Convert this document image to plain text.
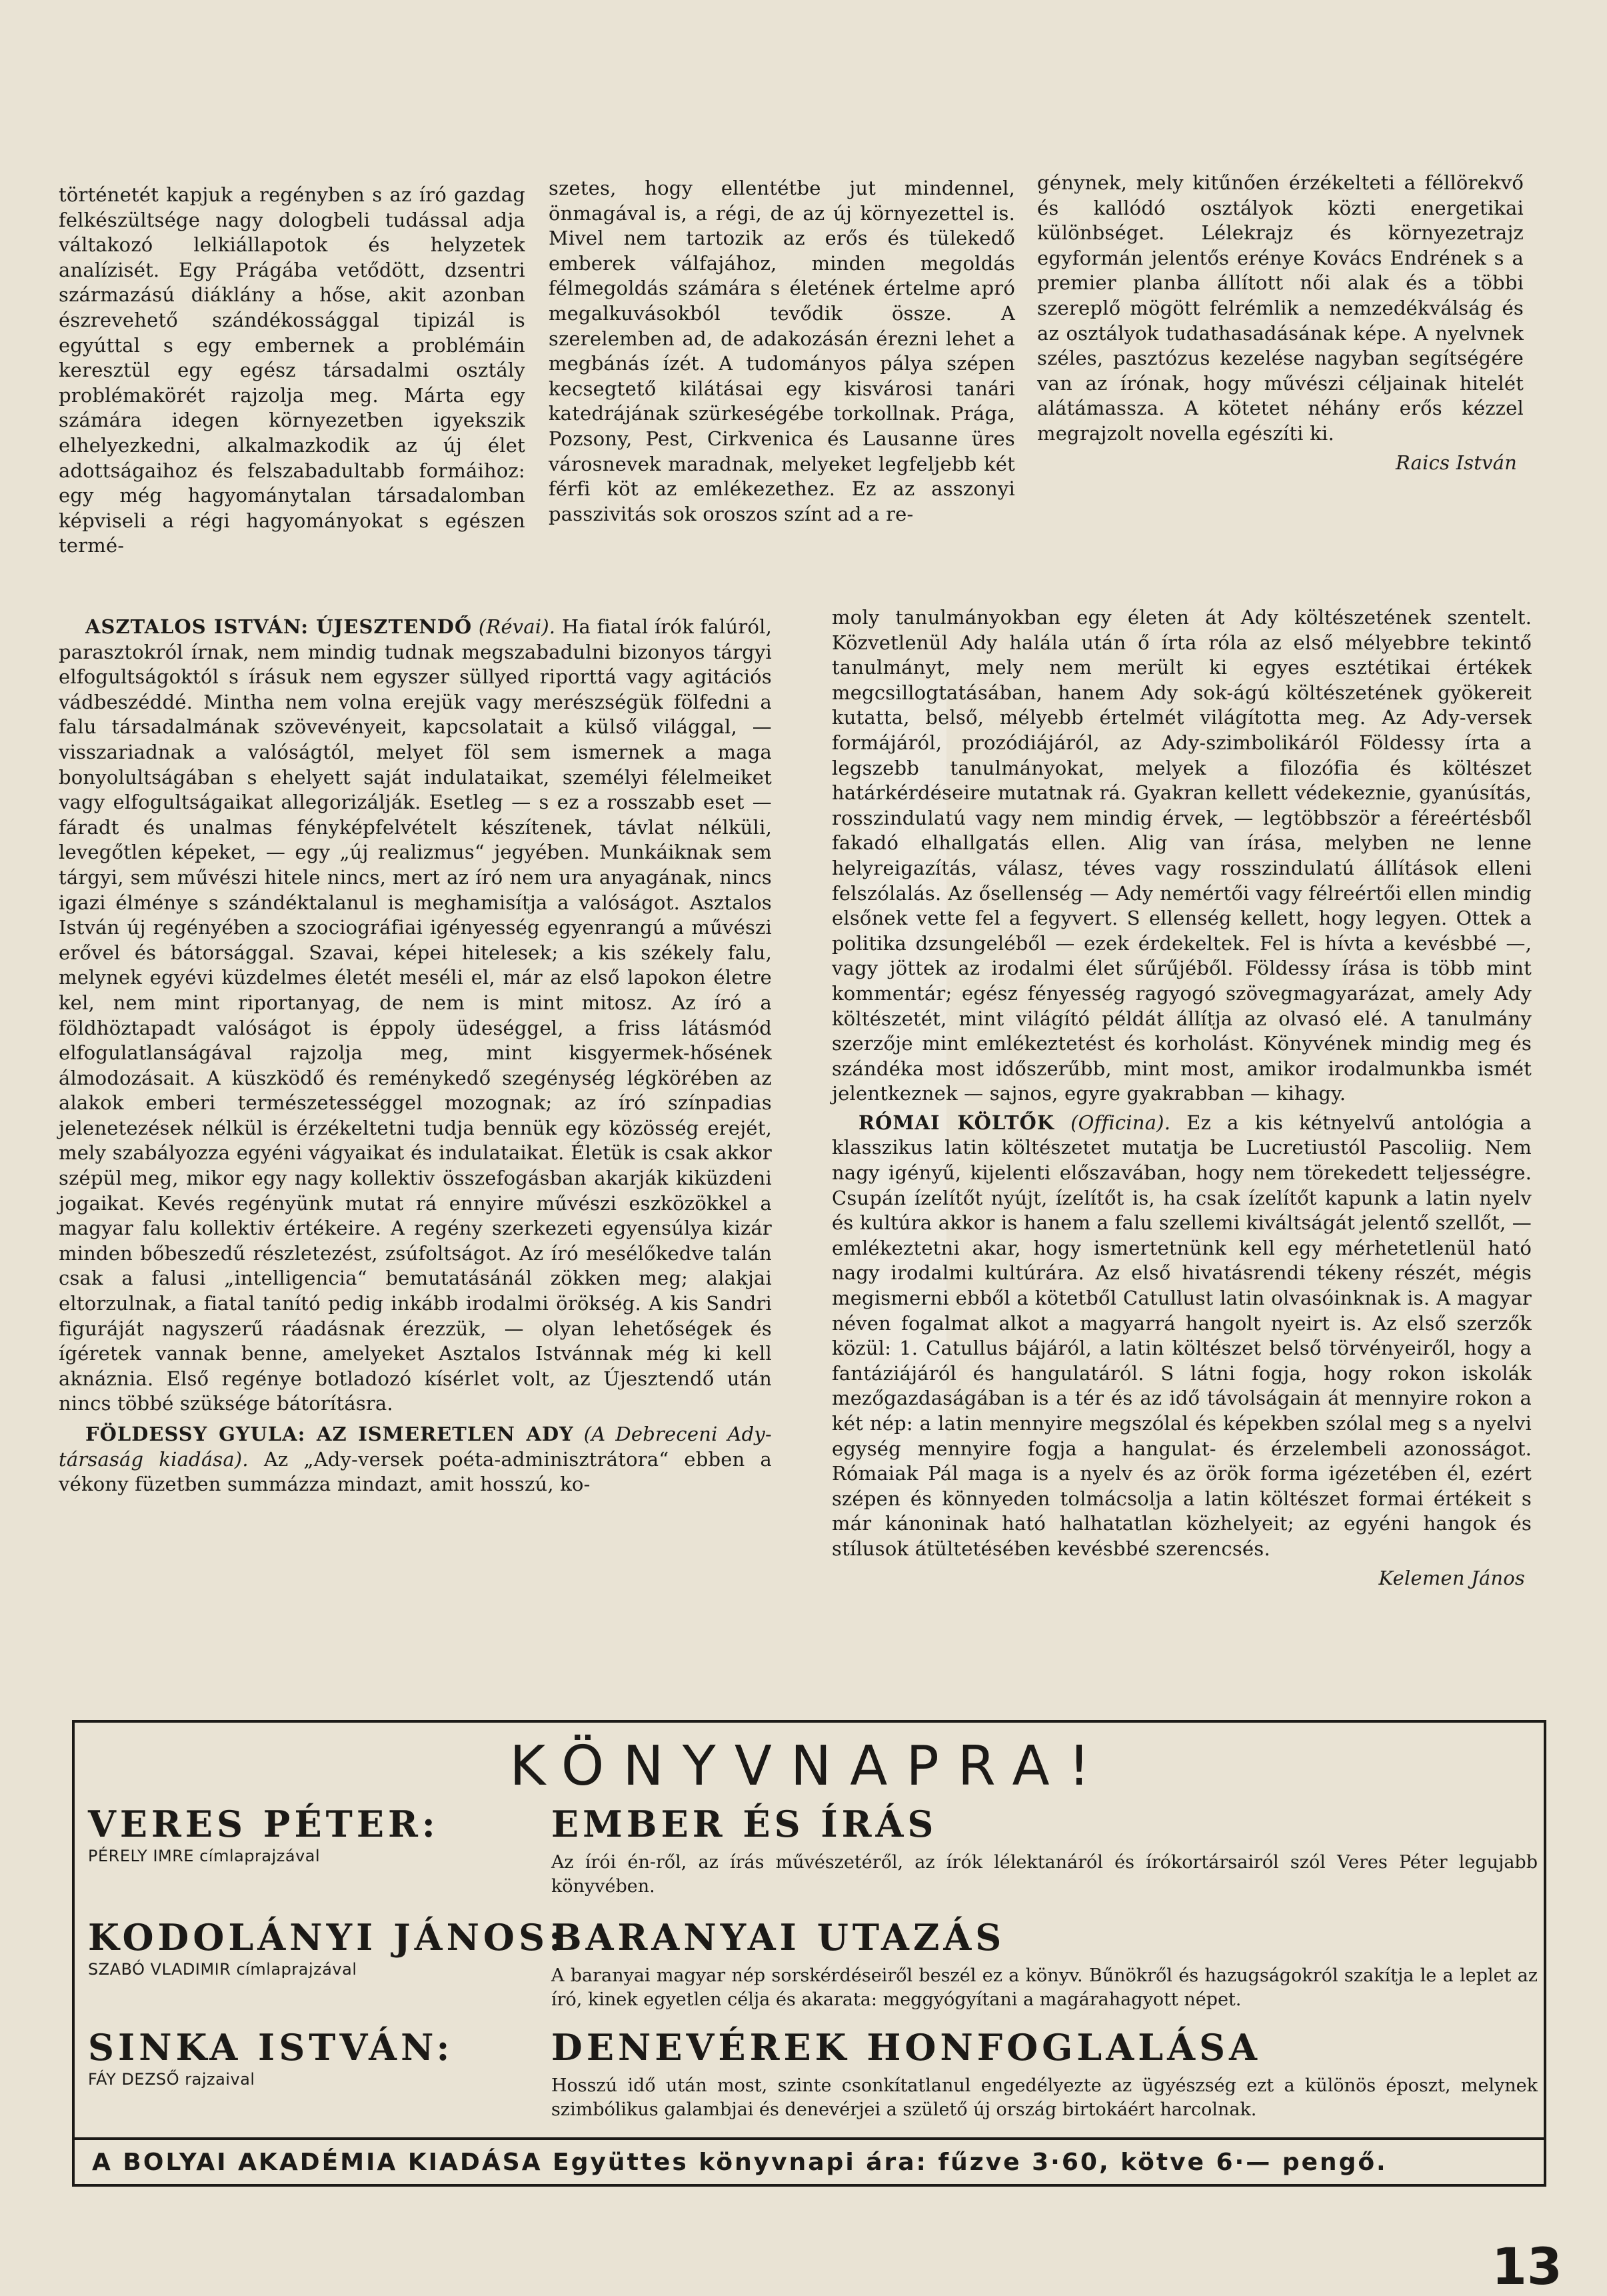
történetét kapjuk a regényben s az író gazdag felkészültsége nagy dologbeli tudással adja váltakozó lelkiállapotok és helyzetek analízisét. Egy Prágába vetődött, dzsentri származású diáklány a hőse, akit azonban észrevehető szándékossággal tipizál is egyúttal s egy embernek a problémáin keresztül egy egész társadalmi osztály problémakörét rajzolja meg. Márta egy számára idegen környezetben igyekszik elhelyezkedni, alkalmazkodik az új élet adottságaihoz és felszabadultabb formáihoz: egy még hagyománytalan társadalomban képviseli a régi hagyományokat s egészen termé-

szetes, hogy ellentétbe jut mindennel, önmagával is, a régi, de az új környezettel is. Mivel nem tartozik az erős és tülekedő emberek válfajához, minden megoldás félmegoldás számára s életének értelme apró megalkuvásokból tevődik össze. A szerelemben ad, de adakozásán érezni lehet a megbánás ízét. A tudományos pálya szépen kecsegtető kilátásai egy kisvárosi tanári katedrájának szürkeségébe torkollnak. Prága, Pozsony, Pest, Cirkvenica és Lausanne üres városnevek maradnak, melyeket legfeljebb két férfi köt az emlékezethez. Ez az asszonyi passzivitás sok oroszos színt ad a re-

génynek, mely kitűnően érzékelteti a féllörekvő és kallódó osztályok közti energetikai különbséget. Lélekrajz és környezetrajz egyformán jelentős erénye Kovács Endrének s a premier planba állított női alak és a többi szereplő mögött felrémlik a nemzedékválság és az osztályok tudathasadásának képe. A nyelvnek széles, pasztózus kezelése nagyban segítségére van az írónak, hogy művészi céljainak hitelét alátámassza. A kötetet néhány erős kézzel megrajzolt novella egészíti ki.

Raics István

ASZTALOS ISTVÁN: ÚJESZTENDŐ (Révai). Ha fiatal írók falúról, parasztokról írnak, nem mindig tudnak megszabadulni bizonyos tárgyi elfogultságoktól s írásuk nem egyszer süllyed riporttá vagy agitációs vádbeszéddé. Mintha nem volna erejük vagy merészségük fölfedni a falu társadalmának szövevényeit, kapcsolatait a külső világgal, — visszariadnak a valóságtól, melyet föl sem ismernek a maga bonyolultságában s ehelyett saját indulataikat, személyi félelmeiket vagy elfogultságaikat allegorizálják. Esetleg — s ez a rosszabb eset — fáradt és unalmas fényképfelvételt készítenek, távlat nélküli, levegőtlen képeket, — egy „új realizmus“ jegyében. Munkáiknak sem tárgyi, sem művészi hitele nincs, mert az író nem ura anyagának, nincs igazi élménye s szándéktalanul is meghamisítja a valóságot. Asztalos István új regényében a szociográfiai igényesség egyenrangú a művészi erővel és bátorsággal. Szavai, képei hitelesek; a kis székely falu, melynek egyévi küzdelmes életét meséli el, már az első lapokon életre kel, nem mint riportanyag, de nem is mint mitosz. Az író a földhöztapadt valóságot is éppoly üdeséggel, a friss látásmód elfogulatlanságával rajzolja meg, mint kisgyermek-hősének álmodozásait. A küszködő és reménykedő szegénység légkörében az alakok emberi természetességgel mozognak; az író színpadias jelenetezések nélkül is érzékeltetni tudja bennük egy közösség erejét, mely szabályozza egyéni vágyaikat és indulataikat. Életük is csak akkor szépül meg, mikor egy nagy kollektiv összefogásban akarják kiküzdeni jogaikat. Kevés regényünk mutat rá ennyire művészi eszközökkel a magyar falu kollektiv értékeire. A regény szerkezeti egyensúlya kizár minden bőbeszedű részletezést, zsúfoltságot. Az író mesélőkedve talán csak a falusi „intelligencia“ bemutatásánál zökken meg; alakjai eltorzulnak, a fiatal tanító pedig inkább irodalmi örökség. A kis Sandri figuráját nagyszerű ráadásnak érezzük, — olyan lehetőségek és ígéretek vannak benne, amelyeket Asztalos Istvánnak még ki kell aknáznia. Első regénye botladozó kísérlet volt, az Újesztendő után nincs többé szüksége bátorításra.

FÖLDESSY GYULA: AZ ISMERETLEN ADY (A Debreceni Ady-társaság kiadása). Az „Ady-versek poéta-adminisztrátora“ ebben a vékony füzetben summázza mindazt, amit hosszú, ko-

moly tanulmányokban egy életen át Ady költészetének szentelt. Közvetlenül Ady halála után ő írta róla az első mélyebbre tekintő tanulmányt, mely nem merült ki egyes esztétikai értékek megcsillogtatásában, hanem Ady sok-ágú költészetének gyökereit kutatta, belső, mélyebb értelmét világította meg. Az Ady-versek formájáról, prozódiájáról, az Ady-szimbolikáról Földessy írta a legszebb tanulmányokat, melyek a filozófia és költészet határkérdéseire mutatnak rá. Gyakran kellett védekeznie, gyanúsítás, rosszindulatú vagy nem mindig érvek, — legtöbbször a féreértésből fakadó elhallgatás ellen. Alig van írása, melyben ne lenne helyreigazítás, válasz, téves vagy rosszindulatú állítások elleni felszólalás. Az ősellenség — Ady nemértői vagy félreértői ellen mindig elsőnek vette fel a fegyvert. S ellenség kellett, hogy legyen. Ottek a politika dzsungeléből — ezek érdekeltek. Fel is hívta a kevésbbé —, vagy jöttek az irodalmi élet sűrűjéből. Földessy írása is több mint kommentár; egész fényesség ragyogó szövegmagyarázat, amely Ady költészetét, mint világító példát állítja az olvasó elé. A tanulmány szerzője mint emlékeztetést és korholást. Könyvének mindig meg és szándéka most időszerűbb, mint most, amikor irodalmunkba ismét jelentkeznek — sajnos, egyre gyakrabban — kihagy.

RÓMAI KÖLTŐK (Officina). Ez a kis kétnyelvű antológia a klasszikus latin költészetet mutatja be Lucretiustól Pascoliig. Nem nagy igényű, kijelenti előszavában, hogy nem törekedett teljességre. Csupán ízelítőt nyújt, ízelítőt is, ha csak ízelítőt kapunk a latin nyelv és kultúra akkor is hanem a falu szellemi kiváltságát jelentő szellőt, — emlékeztetni akar, hogy ismertetnünk kell egy mérhetetlenül ható nagy irodalmi kultúrára. Az első hivatásrendi tékeny részét, mégis megismerni ebből a kötetből Catullust latin olvasóinknak is. A magyar néven fogalmat alkot a magyarrá hangolt nyeirt is. Az első szerzők közül: 1. Catullus bájáról, a latin költészet belső törvényeiről, hogy a fantáziájáról és hangulatáról. S látni fogja, hogy rokon iskolák mezőgazdaságában is a tér és az idő távolságain át mennyire rokon a két nép: a latin mennyire megszólal és képekben szólal meg s a nyelvi egység mennyire fogja a hangulat- és érzelembeli azonosságot. Rómaiak Pál maga is a nyelv és az örök forma igézetében él, ezért szépen és könnyeden tolmácsolja a latin költészet formai értékeit s már kánoninak ható halhatatlan közhelyeit; az egyéni hangok és stílusok átültetésében kevésbbé szerencsés.

Kelemen János

KÖNYVNAPRA!
VERES PÉTER:
PÉRELY IMRE címlaprajzával
EMBER ÉS ÍRÁS
Az írói én-ről, az írás művészetéről, az írók lélektanáról és írókortársairól szól Veres Péter legujabb könyvében.
KODOLÁNYI JÁNOS:
SZABÓ VLADIMIR címlaprajzával
BARANYAI UTAZÁS
A baranyai magyar nép sorskérdéseiről beszél ez a könyv. Bűnökről és hazugságokról szakítja le a leplet az író, kinek egyetlen célja és akarata: meggyógyítani a magárahagyott népet.
SINKA ISTVÁN:
FÁY DEZSŐ rajzaival
DENEVÉREK HONFOGLALÁSA
Hosszú idő után most, szinte csonkítatlanul engedélyezte az ügyészség ezt a különös époszt, melynek szimbólikus galambjai és denevérjei a születő új ország birtokáért harcolnak.
A BOLYAI AKADÉMIA KIADÁSA Együttes könyvnapi ára: fűzve 3·60, kötve 6·— pengő.
13
